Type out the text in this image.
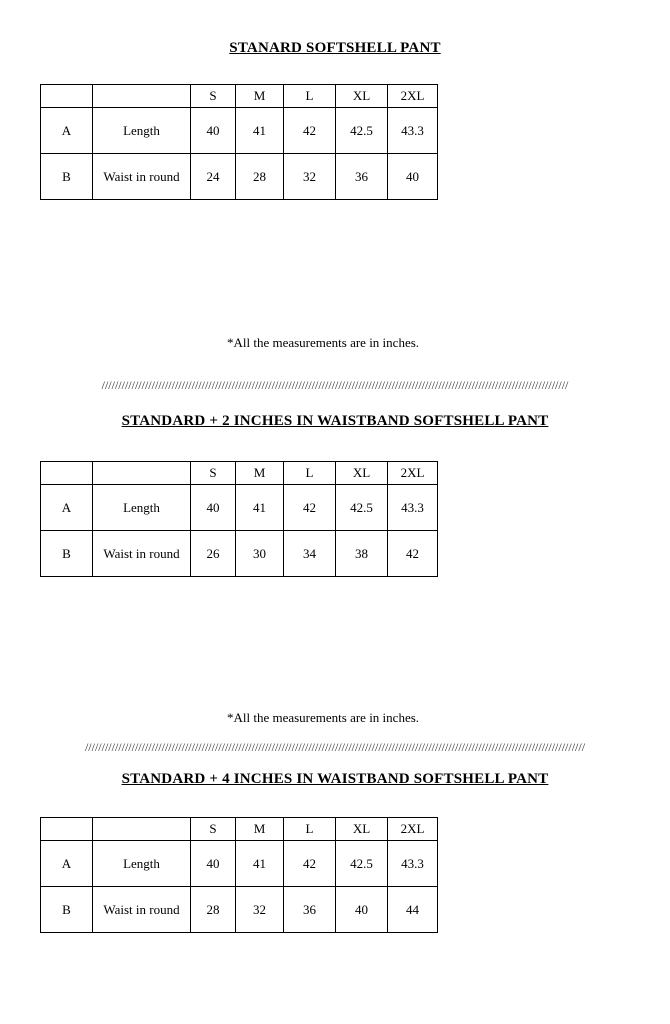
STANARD SOFTSHELL PANT
		S	M	L	XL	2XL
A	Length	40	41	42	42.5	43.3
B	Waist in round	24	28	32	36	40
*All the measurements are in inches.
////////////////////////////////////////////////////////////////////////////////////////////////////////////////////////////////////////////
STANDARD + 2 INCHES IN WAISTBAND SOFTSHELL PANT
		S	M	L	XL	2XL
A	Length	40	41	42	42.5	43.3
B	Waist in round	26	30	34	38	42
*All the measurements are in inches.
//////////////////////////////////////////////////////////////////////////////////////////////////////////////////////////////////////////////////////
STANDARD + 4 INCHES IN WAISTBAND SOFTSHELL PANT
		S	M	L	XL	2XL
A	Length	40	41	42	42.5	43.3
B	Waist in round	28	32	36	40	44
